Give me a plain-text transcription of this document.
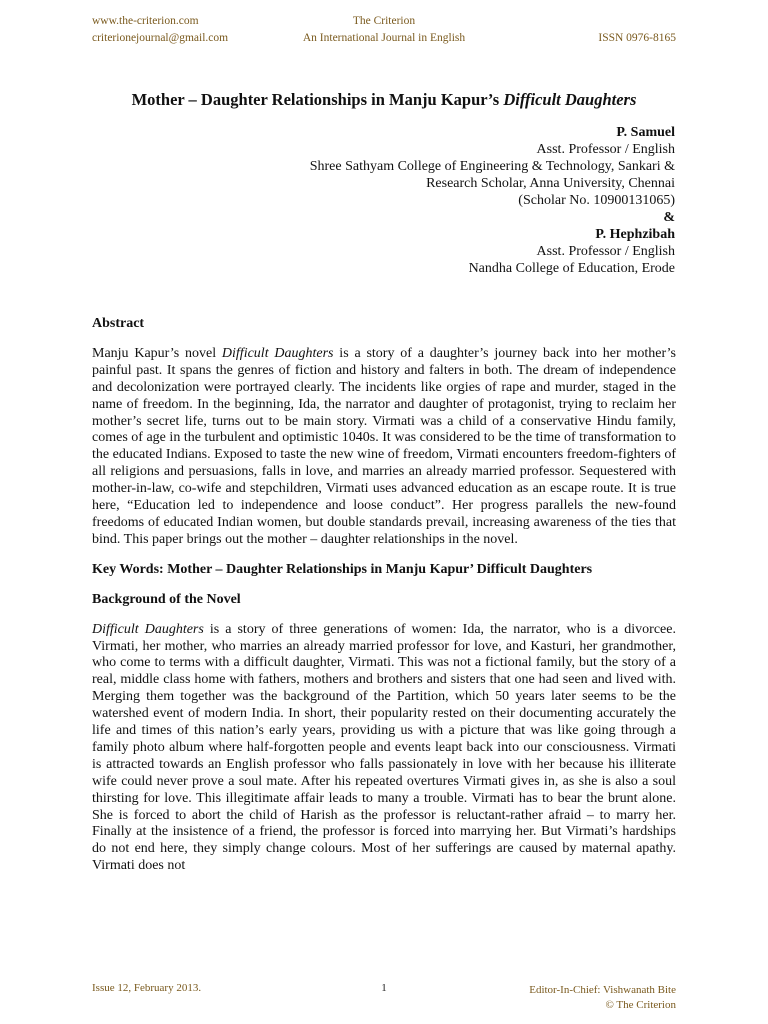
www.the-criterion.com
criterionejournal@gmail.com
The Criterion
An International Journal in English	ISSN 0976-8165
Mother – Daughter Relationships in Manju Kapur’s Difficult Daughters
P. Samuel
Asst. Professor / English
Shree Sathyam College of Engineering & Technology, Sankari &
Research Scholar, Anna University, Chennai
(Scholar No. 10900131065)
&
P. Hephzibah
Asst. Professor / English
Nandha College of Education, Erode
Abstract

Manju Kapur’s novel Difficult Daughters is a story of a daughter’s journey back into her mother’s painful past. It spans the genres of fiction and history and falters in both. The dream of independence and decolonization were portrayed clearly. The incidents like orgies of rape and murder, staged in the name of freedom. In the beginning, Ida, the narrator and daughter of protagonist, trying to reclaim her mother’s secret life, turns out to be main story. Virmati was a child of a conservative Hindu family, comes of age in the turbulent and optimistic 1040s. It was considered to be the time of transformation to the educated Indians. Exposed to taste the new wine of freedom, Virmati encounters freedom-fighters of all religions and persuasions, falls in love, and marries an already married professor. Sequestered with mother-in-law, co-wife and stepchildren, Virmati uses advanced education as an escape route. It is true here, “Education led to independence and loose conduct”. Her progress parallels the new-found freedoms of educated Indian women, but double standards prevail, increasing awareness of the ties that bind. This paper brings out the mother – daughter relationships in the novel.

Key Words: Mother – Daughter Relationships in Manju Kapur’ Difficult Daughters
Background of the Novel

Difficult Daughters is a story of three generations of women: Ida, the narrator, who is a divorcee. Virmati, her mother, who marries an already married professor for love, and Kasturi, her grandmother, who come to terms with a difficult daughter, Virmati. This was not a fictional family, but the story of a real, middle class home with fathers, mothers and brothers and sisters that one had seen and lived with. Merging them together was the background of the Partition, which 50 years later seems to be the watershed event of modern India. In short, their popularity rested on their documenting accurately the life and times of this nation’s early years, providing us with a picture that was like going through a family photo album where half-forgotten people and events leapt back into our consciousness. Virmati is attracted towards an English professor who falls passionately in love with her because his illiterate wife could never prove a soul mate. After his repeated overtures Virmati gives in, as she is also a soul thirsting for love. This illegitimate affair leads to many a trouble. Virmati has to bear the brunt alone. She is forced to abort the child of Harish as the professor is reluctant-rather afraid – to marry her. Finally at the insistence of a friend, the professor is forced into marrying her. But Virmati’s hardships do not end here, they simply change colours. Most of her sufferings are caused by maternal apathy. Virmati does not

Issue 12, February 2013.	1	Editor-In-Chief: Vishwanath Bite
© The Criterion
